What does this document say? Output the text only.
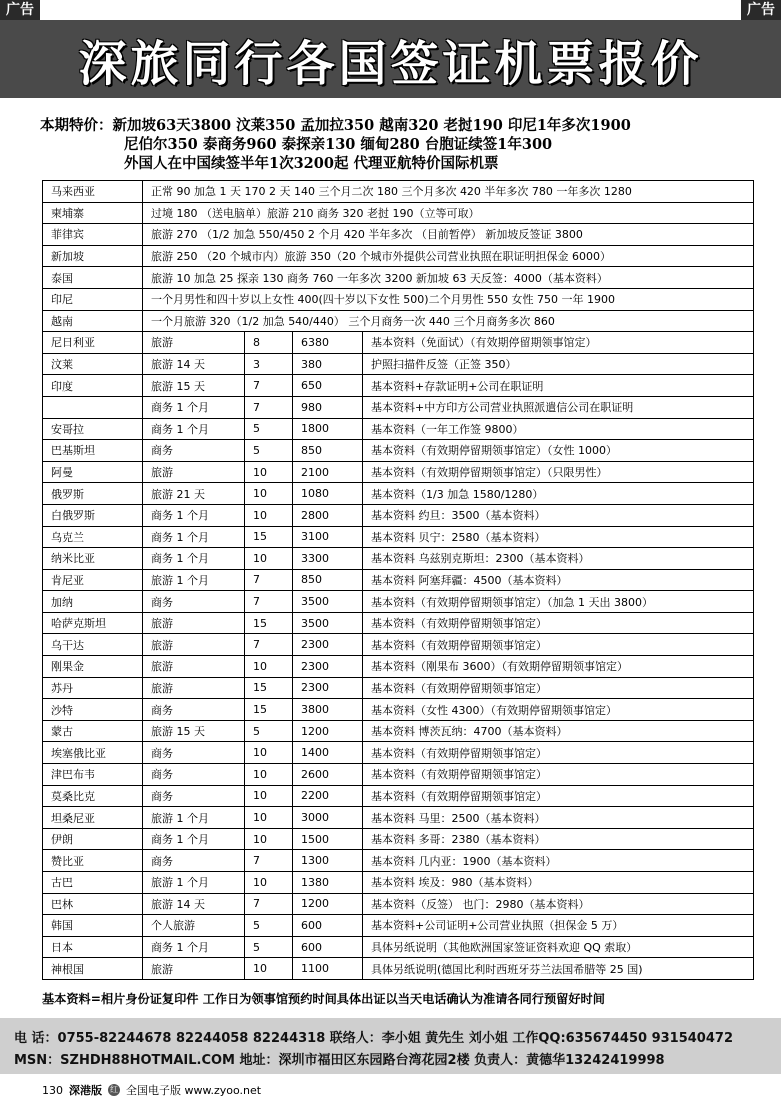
广告	广告
深旅同行各国签证机票报价
本期特价：新加坡63天3800 汶莱350 孟加拉350 越南320 老挝190 印尼1年多次1900
尼伯尔350 泰商务960 泰探亲130 缅甸280 台胞证续签1年300
外国人在中国续签半年1次3200起 代理亚航特价国际机票
马来西亚	正常 90 加急 1 天 170 2 天 140 三个月二次 180 三个月多次 420 半年多次 780 一年多次 1280			
柬埔寨	过境 180 （送电脑单）旅游 210 商务 320 老挝 190（立等可取）			
菲律宾	旅游 270 （1/2 加急 550/450 2 个月 420 半年多次 （目前暂停） 新加坡反签证 3800			
新加坡	旅游 250 （20 个城市内）旅游 350（20 个城市外提供公司营业执照在职证明担保金 6000）			
泰国	旅游 10 加急 25 探亲 130 商务 760 一年多次 3200 新加坡 63 天反签：4000（基本资料）			
印尼	一个月男性和四十岁以上女性 400(四十岁以下女性 500)二个月男性 550 女性 750 一年 1900			
越南	一个月旅游 320（1/2 加急 540/440） 三个月商务一次 440 三个月商务多次 860			
尼日利亚	旅游	8	6380	基本资料（免面试）（有效期停留期领事馆定）
汶莱	旅游 14 天	3	380	护照扫描件反签（正签 350）
印度	旅游 15 天	7	650	基本资料+存款证明+公司在职证明
	商务 1 个月	7	980	基本资料+中方印方公司营业执照派遣信公司在职证明
安哥拉	商务 1 个月	5	1800	基本资料（一年工作签 9800）
巴基斯坦	商务	5	850	基本资料（有效期停留期领事馆定）（女性 1000）
阿曼	旅游	10	2100	基本资料（有效期停留期领事馆定）（只限男性）
俄罗斯	旅游 21 天	10	1080	基本资料（1/3 加急 1580/1280）
白俄罗斯	商务 1 个月	10	2800	基本资料 约旦：3500（基本资料）
乌克兰	商务 1 个月	15	3100	基本资料 贝宁：2580（基本资料）
纳米比亚	商务 1 个月	10	3300	基本资料 乌兹别克斯坦：2300（基本资料）
肯尼亚	旅游 1 个月	7	850	基本资料 阿塞拜疆：4500（基本资料）
加纳	商务	7	3500	基本资料（有效期停留期领事馆定）（加急 1 天出 3800）
哈萨克斯坦	旅游	15	3500	基本资料（有效期停留期领事馆定）
乌干达	旅游	7	2300	基本资料（有效期停留期领事馆定）
刚果金	旅游	10	2300	基本资料（刚果布 3600）（有效期停留期领事馆定）
苏丹	旅游	15	2300	基本资料（有效期停留期领事馆定）
沙特	商务	15	3800	基本资料（女性 4300）（有效期停留期领事馆定）
蒙古	旅游 15 天	5	1200	基本资料 博茨瓦纳：4700（基本资料）
埃塞俄比亚	商务	10	1400	基本资料（有效期停留期领事馆定）
津巴布韦	商务	10	2600	基本资料（有效期停留期领事馆定）
莫桑比克	商务	10	2200	基本资料（有效期停留期领事馆定）
坦桑尼亚	旅游 1 个月	10	3000	基本资料 马里：2500（基本资料）
伊朗	商务 1 个月	10	1500	基本资料 多哥：2380（基本资料）
赞比亚	商务	7	1300	基本资料 几内亚：1900（基本资料）
古巴	旅游 1 个月	10	1380	基本资料 埃及：980（基本资料）
巴林	旅游 14 天	7	1200	基本资料（反签） 也门：2980（基本资料）
韩国	个人旅游	5	600	基本资料+公司证明+公司营业执照（担保金 5 万）
日本	商务 1 个月	5	600	具体另纸说明（其他欧洲国家签证资料欢迎 QQ 索取）
神根国	旅游	10	1100	具体另纸说明(德国比利时西班牙芬兰法国希腊等 25 国)
基本资料=相片身份证复印件 工作日为领事馆预约时间具体出证以当天电话确认为准请各同行预留好时间
电 话：0755-82244678 82244058 82244318 联络人：李小姐 黄先生 刘小姐 工作QQ:635674450 931540472
MSN：SZHDH88HOTMAIL.COM 地址：深圳市福田区东园路台湾花园2楼 负责人：黄德华13242419998
130 深港版 红 全国电子版 www.zyoo.net
